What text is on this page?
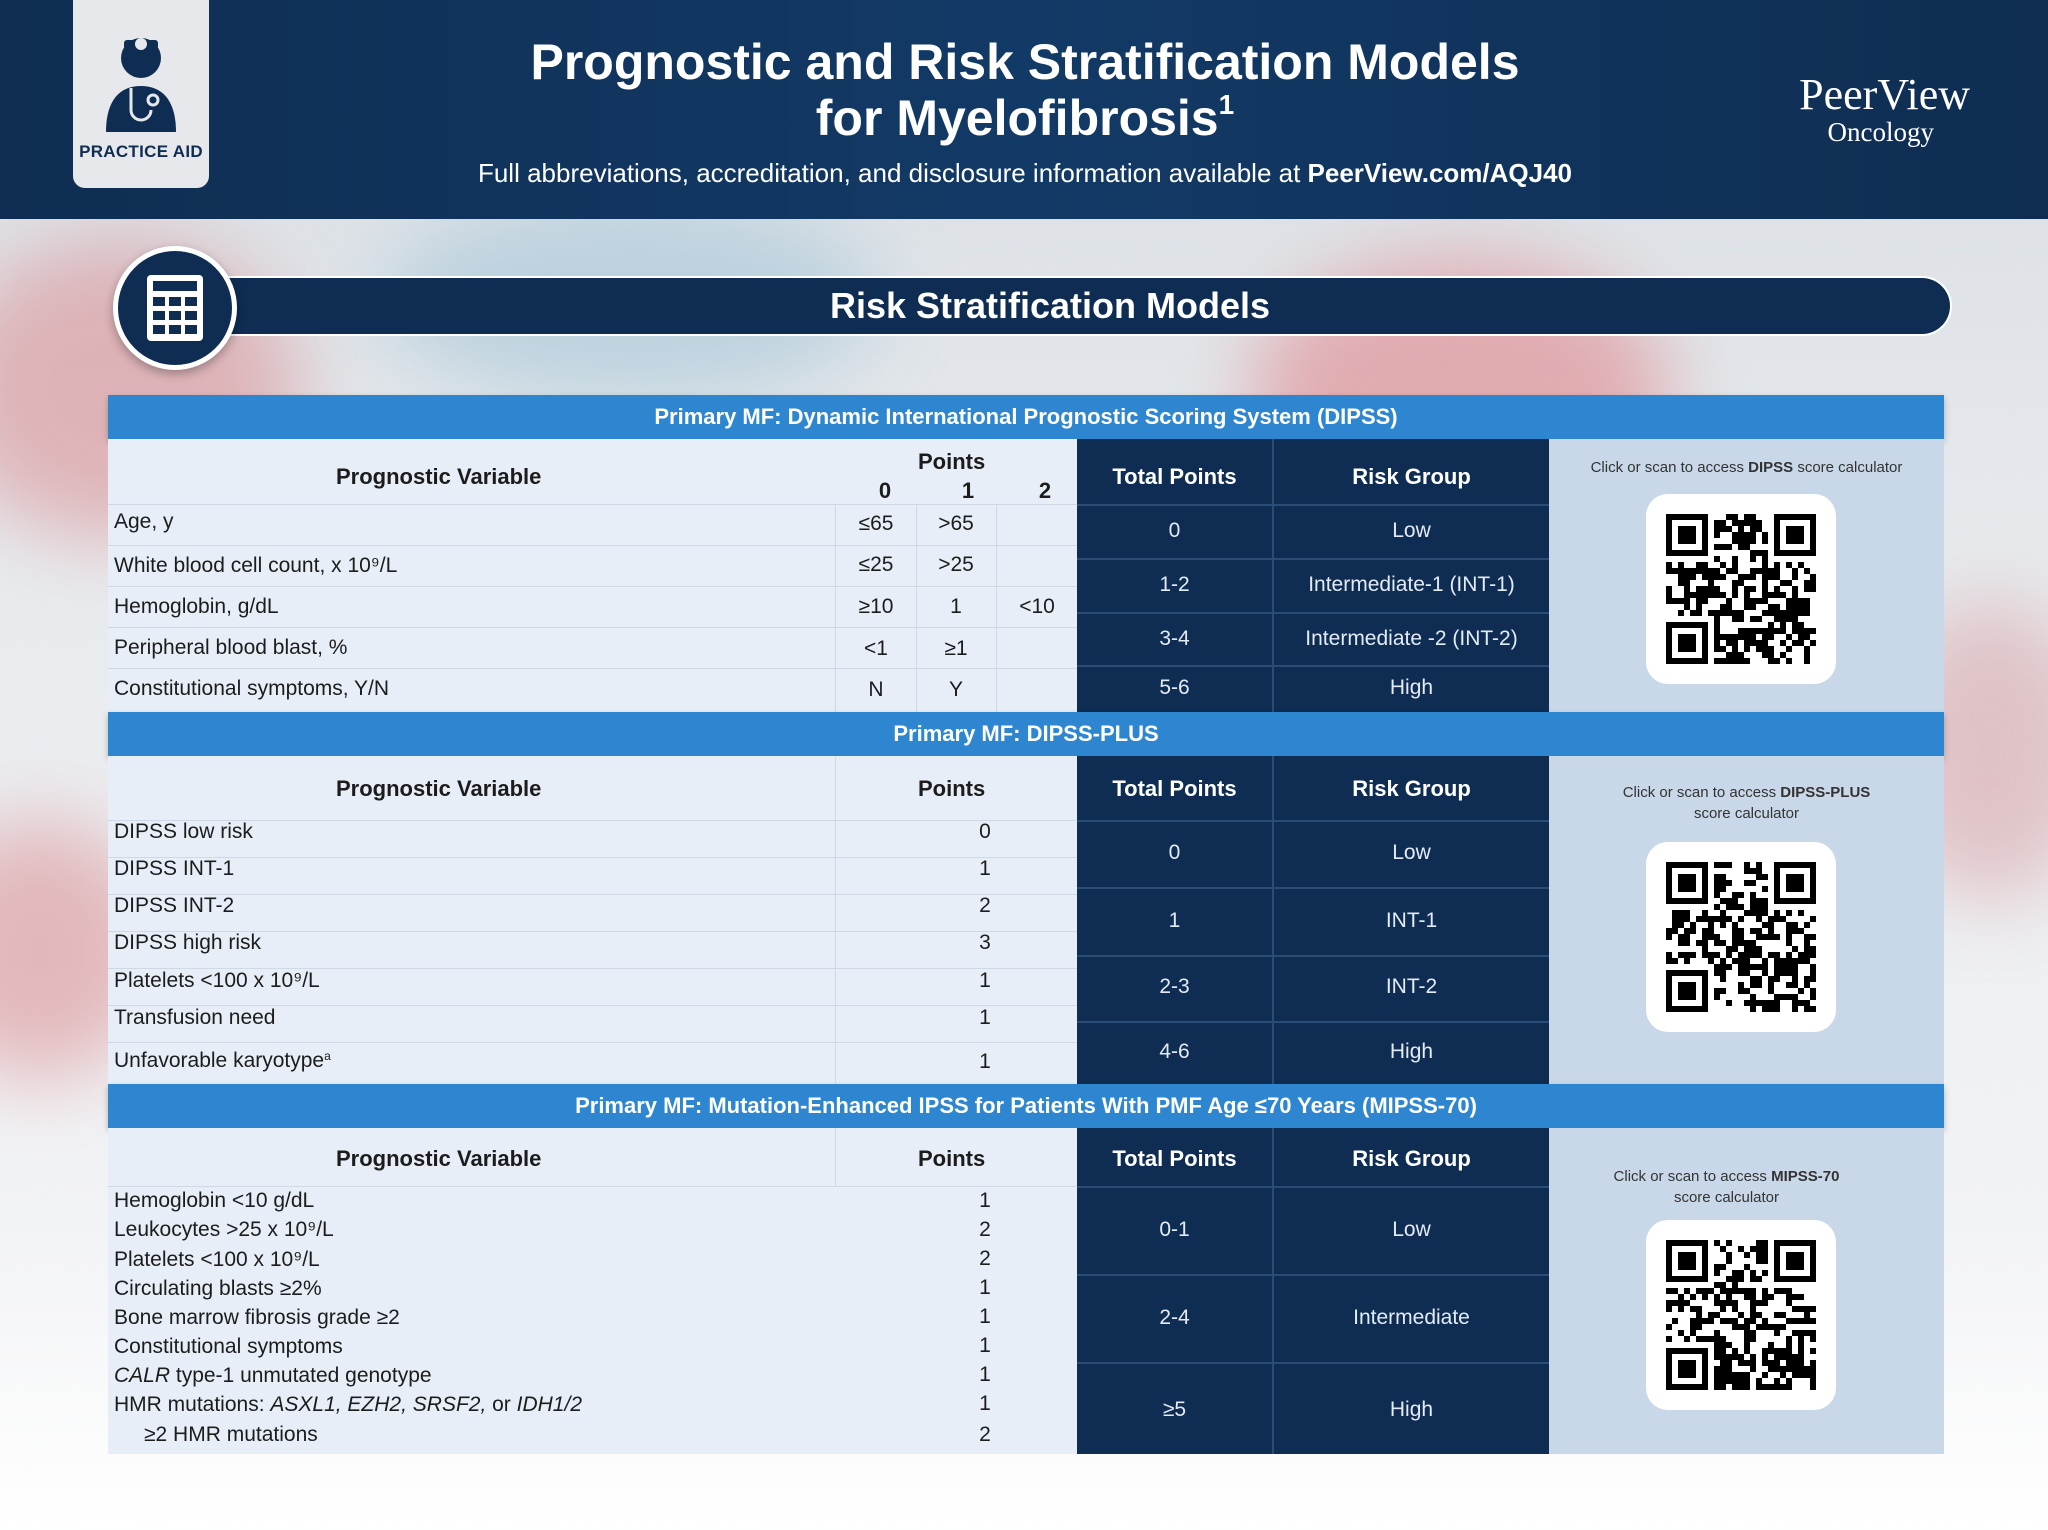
PRACTICE AID
Prognostic and Risk Stratification Models
for Myelofibrosis$^1$
Full abbreviations, accreditation, and disclosure information available at PeerView.com/AQJ40
PeerView
Oncology
Risk Stratification Models
Primary MF: Dynamic International Prognostic Scoring System (DIPSS)
Prognostic Variable
Points
0	1	2
Age, y	≤65	>65
White blood cell count, x 10⁹/L	≤25	>25
Hemoglobin, g/dL	≥10	1	<10
Peripheral blood blast, %	<1	≥1
Constitutional symptoms, Y/N	N	Y
Total Points	Risk Group
0	Low
1-2	Intermediate-1 (INT-1)
3-4	Intermediate -2 (INT-2)
5-6	High
Click or scan to access DIPSS score calculator
Primary MF: DIPSS-PLUS
Prognostic Variable	Points
DIPSS low risk	0
DIPSS INT-1	1
DIPSS INT-2	2
DIPSS high risk	3
Platelets <100 x 10⁹/L	1
Transfusion need	1
Unfavorable karyotype$^a$	1
Total Points	Risk Group
0	Low
1	INT-1
2-3	INT-2
4-6	High
Click or scan to access DIPSS-PLUS
score calculator
Primary MF: Mutation-Enhanced IPSS for Patients With PMF Age ≤70 Years (MIPSS-70)
Prognostic Variable	Points
Hemoglobin <10 g/dL	1
Leukocytes >25 x 10⁹/L	2
Platelets <100 x 10⁹/L	2
Circulating blasts ≥2%	1
Bone marrow fibrosis grade ≥2	1
Constitutional symptoms	1
CALR type-1 unmutated genotype	1
HMR mutations: ASXL1, EZH2, SRSF2, or IDH1/2	1
≥2 HMR mutations	2
Total Points	Risk Group
0-1	Low
2-4	Intermediate
≥5	High
Click or scan to access MIPSS-70
score calculator
